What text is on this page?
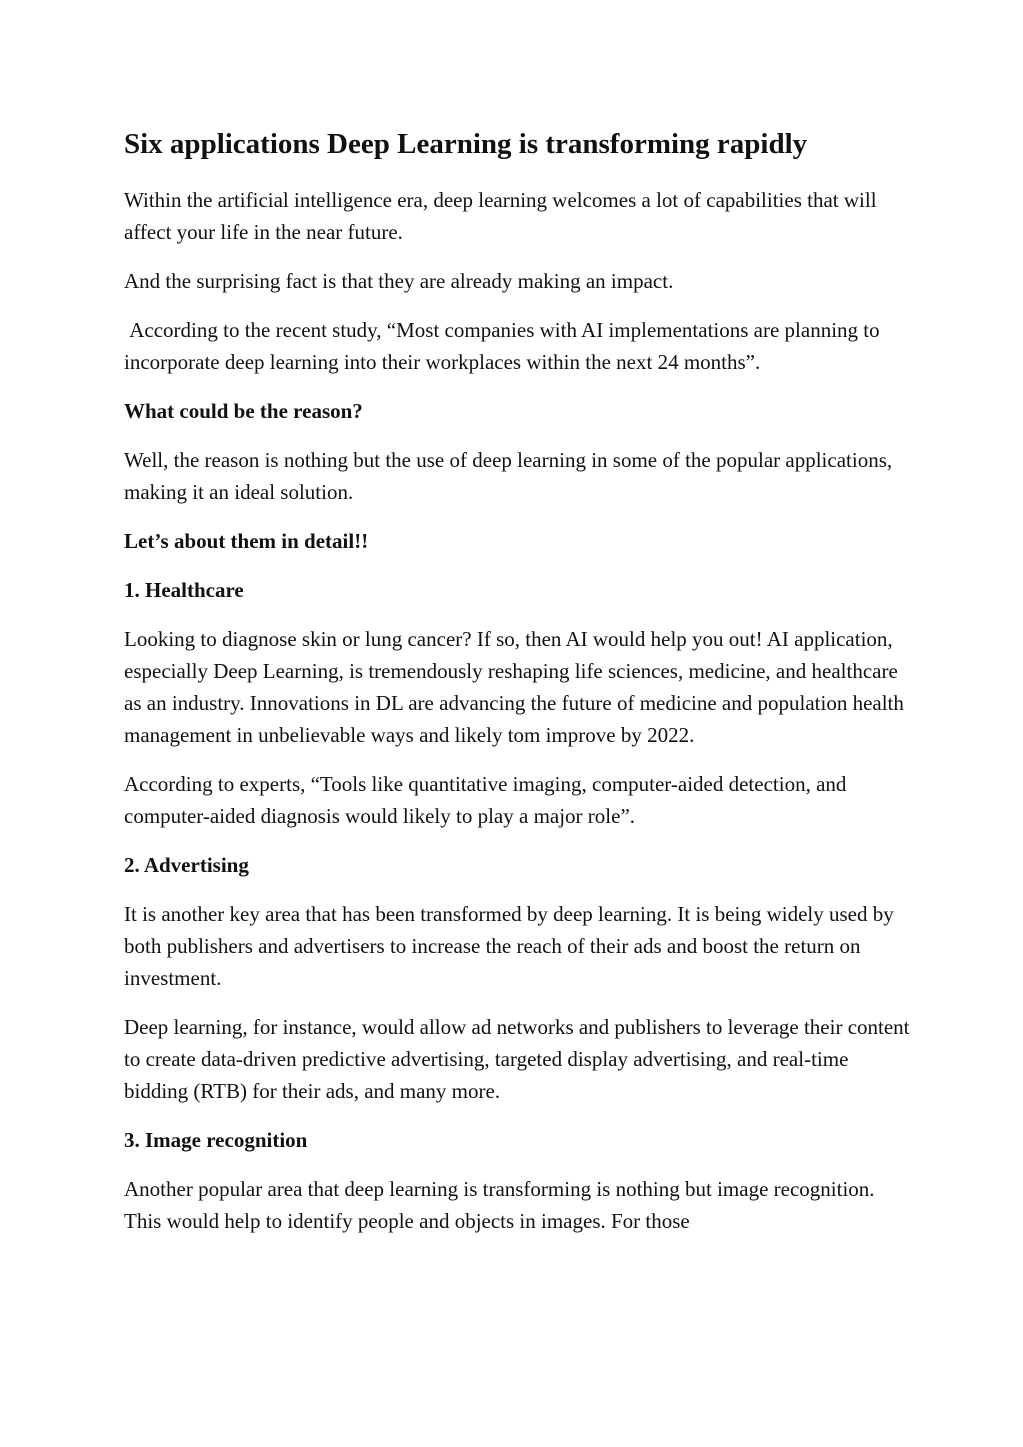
Six applications Deep Learning is transforming rapidly

Within the artificial intelligence era, deep learning welcomes a lot of capabilities that will affect your life in the near future.

And the surprising fact is that they are already making an impact.

According to the recent study, “Most companies with AI implementations are planning to incorporate deep learning into their workplaces within the next 24 months”.

What could be the reason?

Well, the reason is nothing but the use of deep learning in some of the popular applications, making it an ideal solution.

Let’s about them in detail!!
1. Healthcare

Looking to diagnose skin or lung cancer? If so, then AI would help you out! AI application, especially Deep Learning, is tremendously reshaping life sciences, medicine, and healthcare as an industry. Innovations in DL are advancing the future of medicine and population health management in unbelievable ways and likely tom improve by 2022.

According to experts, “Tools like quantitative imaging, computer-aided detection, and computer-aided diagnosis would likely to play a major role”.

2. Advertising

It is another key area that has been transformed by deep learning. It is being widely used by both publishers and advertisers to increase the reach of their ads and boost the return on investment.

Deep learning, for instance, would allow ad networks and publishers to leverage their content to create data-driven predictive advertising, targeted display advertising, and real-time bidding (RTB) for their ads, and many more.

3. Image recognition

Another popular area that deep learning is transforming is nothing but image recognition. This would help to identify people and objects in images. For those
